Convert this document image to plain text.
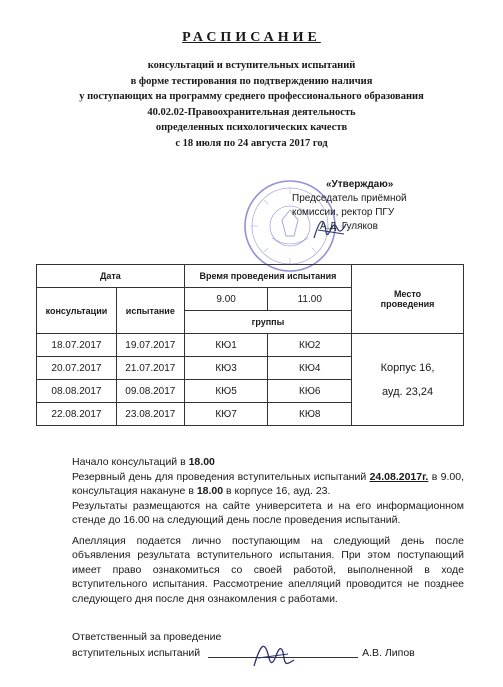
РАСПИСАНИЕ
консультаций и вступительных испытаний
в форме тестирования по подтверждению наличия
у поступающих на программу среднего профессионального образования
40.02.02-Правоохранительная деятельность
определенных психологических качеств
с 18 июля по 24 августа 2017 год
«Утверждаю»
Председатель приёмной
комиссии, ректор ПГУ
А.Д. Гуляков
Дата		Время проведения испытания		Место проведения
консультации	испытание	9.00	11.00	
		группы		
18.07.2017	19.07.2017	КЮ1	КЮ2	Корпус 16,
ауд. 23,24

20.07.2017	21.07.2017	КЮ3	КЮ4	
08.08.2017	09.08.2017	КЮ5	КЮ6	
22.08.2017	23.08.2017	КЮ7	КЮ8	

Начало консультаций в 18.00

Резервный день для проведения вступительных испытаний 24.08.2017г. в 9.00, консультация накануне в 18.00 в корпусе 16, ауд. 23.

Результаты размещаются на сайте университета и на его информационном стенде до 16.00 на следующий день после проведения испытаний.

Апелляция подается лично поступающим на следующий день после объявления результата вступительного испытания. При этом поступающий имеет право ознакомиться со своей работой, выполненной в ходе вступительного испытания. Рассмотрение апелляций проводится не позднее следующего дня после дня ознакомления с работами.

Ответственный за проведение
вступительных испытаний	А.В. Липов
